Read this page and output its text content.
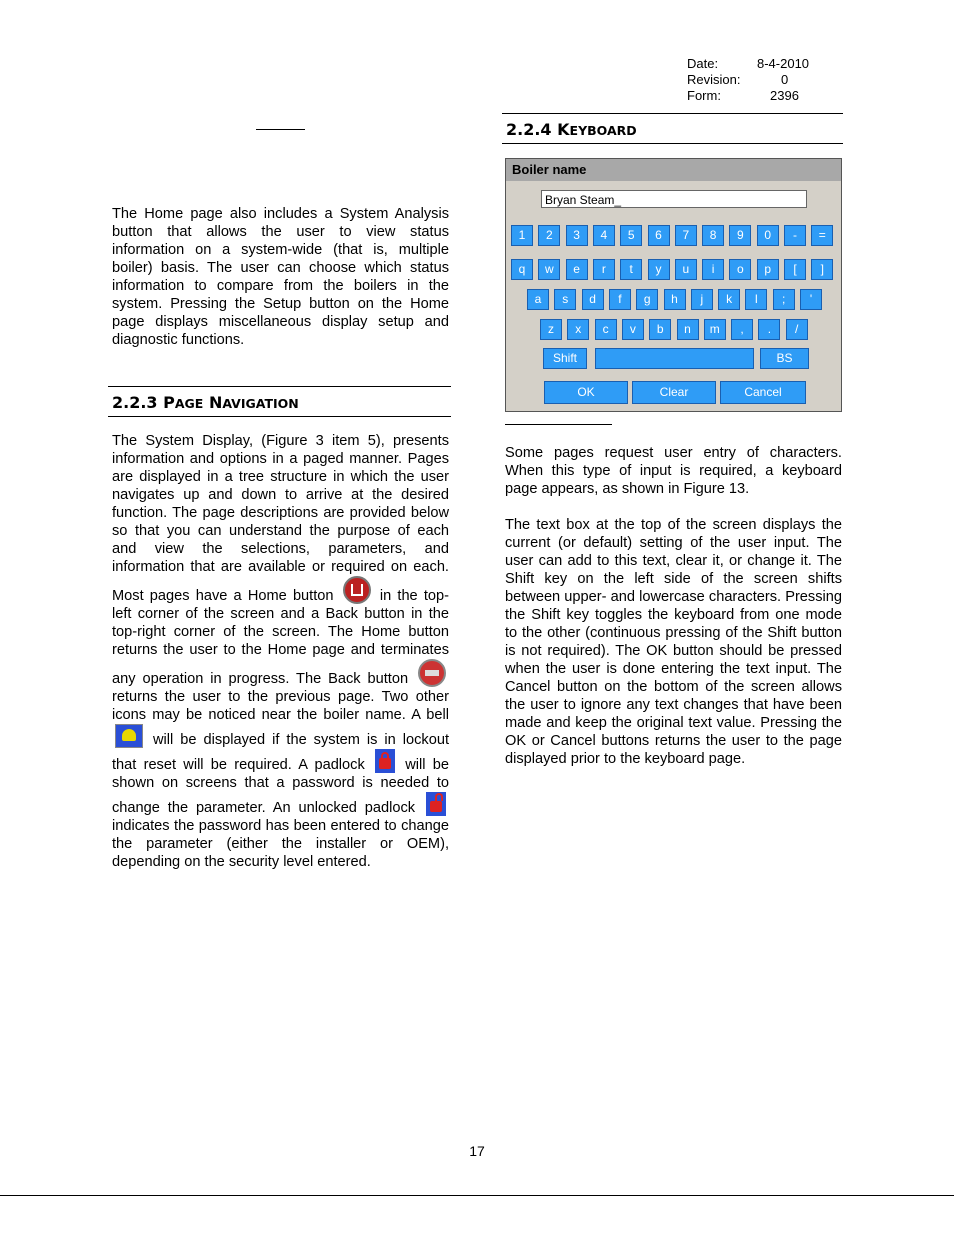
Date:	8-4-2010
Revision:	0
Form:	2396
The Home page also includes a System Analysis button that allows the user to view status information on a system-wide (that is, multiple boiler) basis. The user can choose which status information to compare from the boilers in the system. Pressing the Setup button on the Home page displays miscellaneous display setup and diagnostic functions.
2.2.3 PAGE NAVIGATION
The System Display, (Figure 3 item 5), presents information and options in a paged manner. Pages are displayed in a tree structure in which the user navigates up and down to arrive at the desired function. The page descriptions are provided below so that you can understand the purpose of each and view the selections, parameters, and information that are available or required on each. Most pages have a Home button	in the top-left corner of the screen and a Back button in the top-right corner of the screen. The Home button returns the user to the Home page and terminates any operation in progress. The Back button
returns the user to the previous page. Two other icons may be noticed near the boiler name. A bell
will be displayed if the system is in lockout that reset will be required. A padlock	will be shown on screens that a password is needed to change the parameter. An unlocked padlock
indicates the password has been entered to change the parameter (either the installer or OEM), depending on the security level entered.
2.2.4 KEYBOARD
Boiler name
Bryan Steam_
1	2	3	4	5	6	7	8	9	0	-	=
q	w	e	r	t	y	u	i	o	p	[	]
a	s	d	f	g	h	j	k	l	;	'
z	x	c	v	b	n	m	,	.	/
Shift	BS
OK	Clear	Cancel
Some pages request user entry of characters. When this type of input is required, a keyboard page appears, as shown in Figure 13.
The text box at the top of the screen displays the current (or default) setting of the user input. The user can add to this text, clear it, or change it. The Shift key on the left side of the screen shifts between upper- and lowercase characters. Pressing the Shift key toggles the keyboard from one mode to the other (continuous pressing of the Shift button is not required). The OK button should be pressed when the user is done entering the text input. The Cancel button on the bottom of the screen allows the user to ignore any text changes that have been made and keep the original text value. Pressing the OK or Cancel buttons returns the user to the page displayed prior to the keyboard page.
17
